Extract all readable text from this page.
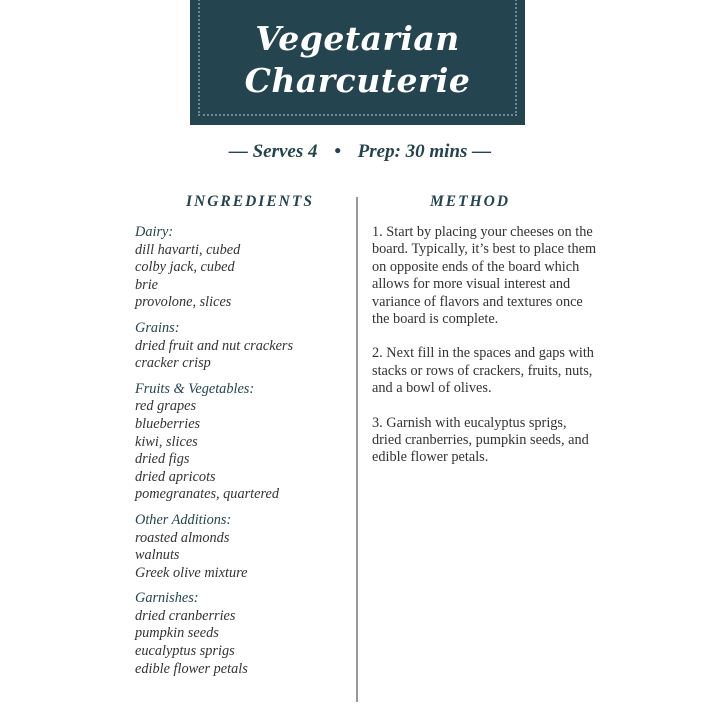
Vegetarian
Charcuterie
— Serves 4 • Prep: 30 mins —
INGREDIENTS	METHOD
Dairy:
dill havarti, cubed
colby jack, cubed
brie
provolone, slices
Grains:
dried fruit and nut crackers
cracker crisp
Fruits & Vegetables:
red grapes
blueberries
kiwi, slices
dried figs
dried apricots
pomegranates, quartered
Other Additions:
roasted almonds
walnuts
Greek olive mixture
Garnishes:
dried cranberries
pumpkin seeds
eucalyptus sprigs
edible flower petals
1. Start by placing your cheeses on the board. Typically, it’s best to place them on opposite ends of the board which allows for more visual interest and variance of flavors and textures once the board is complete.
2. Next fill in the spaces and gaps with stacks or rows of crackers, fruits, nuts, and a bowl of olives.
3. Garnish with eucalyptus sprigs, dried cranberries, pumpkin seeds, and edible flower petals.
